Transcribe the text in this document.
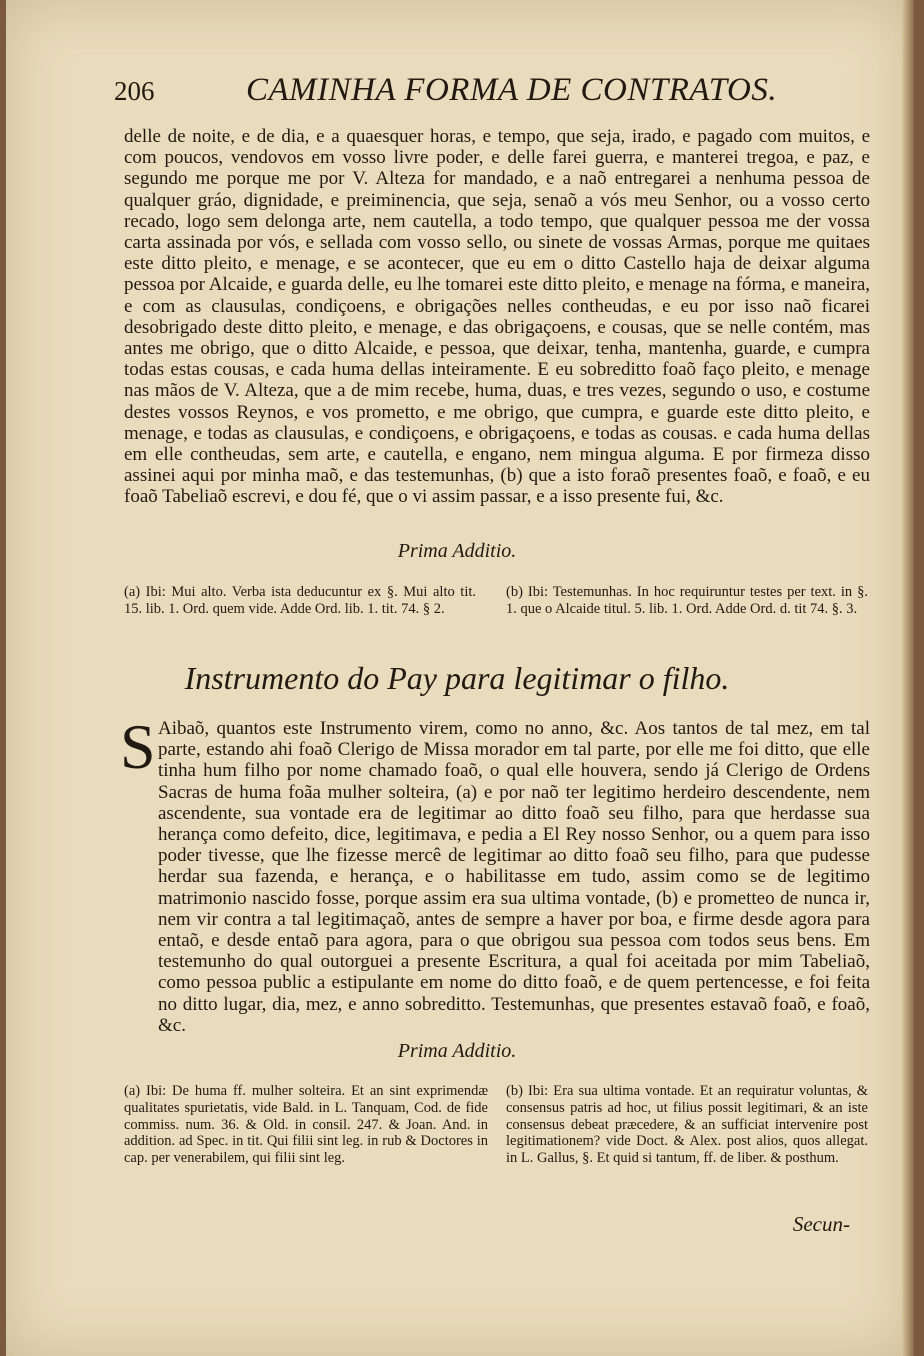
206	CAMINHA FORMA DE CONTRATOS.
delle de noite, e de dia, e a quaesquer horas, e tempo, que seja, irado, e pagado com muitos, e com poucos, vendovos em vosso livre poder, e delle farei guerra, e manterei tregoa, e paz, e segundo me porque me por V. Alteza for mandado, e a naõ entregarei a nenhuma pessoa de qualquer gráo, dignidade, e preiminencia, que seja, senaõ a vós meu Senhor, ou a vosso certo recado, logo sem delonga arte, nem cautella, a todo tempo, que qualquer pessoa me der vossa carta assinada por vós, e sellada com vosso sello, ou sinete de vossas Armas, porque me quitaes este ditto pleito, e menage, e se acontecer, que eu em o ditto Castello haja de deixar alguma pessoa por Alcaide, e guarda delle, eu lhe tomarei este ditto pleito, e menage na fórma, e maneira, e com as clausulas, condiçoens, e obrigações nelles contheudas, e eu por isso naõ ficarei desobrigado deste ditto pleito, e menage, e das obrigaçoens, e cousas, que se nelle contém, mas antes me obrigo, que o ditto Alcaide, e pessoa, que deixar, tenha, mantenha, guarde, e cumpra todas estas cousas, e cada huma dellas inteiramente. E eu sobreditto foaõ faço pleito, e menage nas mãos de V. Alteza, que a de mim recebe, huma, duas, e tres vezes, segundo o uso, e costume destes vossos Reynos, e vos prometto, e me obrigo, que cumpra, e guarde este ditto pleito, e menage, e todas as clausulas, e condiçoens, e obrigaçoens, e todas as cousas. e cada huma dellas em elle contheudas, sem arte, e cautella, e engano, nem mingua alguma. E por firmeza disso assinei aqui por minha maõ, e das testemunhas, (b) que a isto foraõ presentes foaõ, e foaõ, e eu foaõ Tabeliaõ escrevi, e dou fé, que o vi assim passar, e a isso presente fui, &c.
Prima Additio.
(a) Ibi: Mui alto. Verba ista deducuntur ex §. Mui alto tit. 15. lib. 1. Ord. quem vide. Adde Ord. lib. 1. tit. 74. § 2.
(b) Ibi: Testemunhas. In hoc requiruntur testes per text. in §. 1. que o Alcaide titul. 5. lib. 1. Ord. Adde Ord. d. tit 74. §. 3.
Instrumento do Pay para legitimar o filho.
S Aibaõ, quantos este Instrumento virem, como no anno, &c. Aos tantos de tal mez, em tal parte, estando ahi foaõ Clerigo de Missa morador em tal parte, por elle me foi ditto, que elle tinha hum filho por nome chamado foaõ, o qual elle houvera, sendo já Clerigo de Ordens Sacras de huma foãa mulher solteira, (a) e por naõ ter legitimo herdeiro descendente, nem ascendente, sua vontade era de legitimar ao ditto foaõ seu filho, para que herdasse sua herança como defeito, dice, legitimava, e pedia a El Rey nosso Senhor, ou a quem para isso poder tivesse, que lhe fizesse mercê de legitimar ao ditto foaõ seu filho, para que pudesse herdar sua fazenda, e herança, e o habilitasse em tudo, assim como se de legitimo matrimonio nascido fosse, porque assim era sua ultima vontade, (b) e prometteo de nunca ir, nem vir contra a tal legitimaçaõ, antes de sempre a haver por boa, e firme desde agora para entaõ, e desde entaõ para agora, para o que obrigou sua pessoa com todos seus bens. Em testemunho do qual outorguei a presente Escritura, a qual foi aceitada por mim Tabeliaõ, como pessoa public a estipulante em nome do ditto foaõ, e de quem pertencesse, e foi feita no ditto lugar, dia, mez, e anno sobreditto. Testemunhas, que presentes estavaõ foaõ, e foaõ, &c.
Prima Additio.
(a) Ibi: De huma ff. mulher solteira. Et an sint exprimendæ qualitates spurietatis, vide Bald. in L. Tanquam, Cod. de fide commiss. num. 36. & Old. in consil. 247. & Joan. And. in addition. ad Spec. in tit. Qui filii sint leg. in rub & Doctores in cap. per venerabilem, qui filii sint leg.
(b) Ibi: Era sua ultima vontade. Et an requiratur voluntas, & consensus patris ad hoc, ut filius possit legitimari, & an iste consensus debeat præcedere, & an sufficiat intervenire post legitimationem? vide Doct. & Alex. post alios, quos allegat. in L. Gallus, §. Et quid si tantum, ff. de liber. & posthum.
Secun-
